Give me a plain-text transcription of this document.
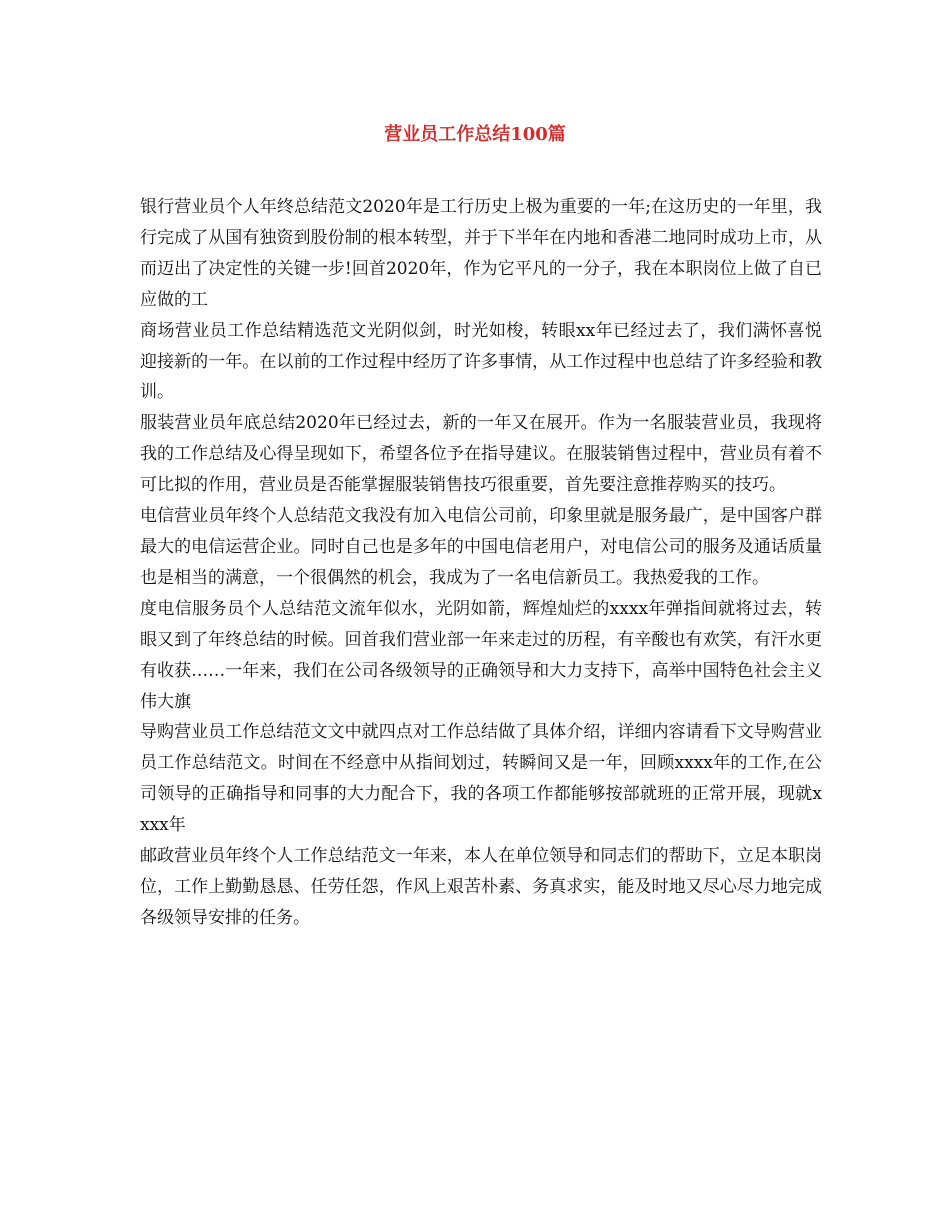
营业员工作总结100篇

银行营业员个人年终总结范文2020年是工行历史上极为重要的一年;在这历史的一年里，我行完成了从国有独资到股份制的根本转型，并于下半年在内地和香港二地同时成功上市，从而迈出了决定性的关键一步!回首2020年，作为它平凡的一分子，我在本职岗位上做了自已应做的工

商场营业员工作总结精选范文光阴似剑，时光如梭，转眼xx年已经过去了，我们满怀喜悦迎接新的一年。在以前的工作过程中经历了许多事情，从工作过程中也总结了许多经验和教训。

服装营业员年底总结2020年已经过去，新的一年又在展开。作为一名服装营业员，我现将我的工作总结及心得呈现如下，希望各位予在指导建议。在服装销售过程中，营业员有着不可比拟的作用，营业员是否能掌握服装销售技巧很重要，首先要注意推荐购买的技巧。

电信营业员年终个人总结范文我没有加入电信公司前，印象里就是服务最广，是中国客户群最大的电信运营企业。同时自己也是多年的中国电信老用户，对电信公司的服务及通话质量也是相当的满意，一个很偶然的机会，我成为了一名电信新员工。我热爱我的工作。

度电信服务员个人总结范文流年似水，光阴如箭，辉煌灿烂的xxxx年弹指间就将过去，转眼又到了年终总结的时候。回首我们营业部一年来走过的历程，有辛酸也有欢笑，有汗水更有收获……一年来，我们在公司各级领导的正确领导和大力支持下，高举中国特色社会主义伟大旗

导购营业员工作总结范文文中就四点对工作总结做了具体介绍，详细内容请看下文导购营业员工作总结范文。时间在不经意中从指间划过，转瞬间又是一年，回顾xxxx年的工作,在公司领导的正确指导和同事的大力配合下，我的各项工作都能够按部就班的正常开展，现就xxxx年

邮政营业员年终个人工作总结范文一年来，本人在单位领导和同志们的帮助下，立足本职岗位，工作上勤勤恳恳、任劳任怨，作风上艰苦朴素、务真求实，能及时地又尽心尽力地完成各级领导安排的任务。
